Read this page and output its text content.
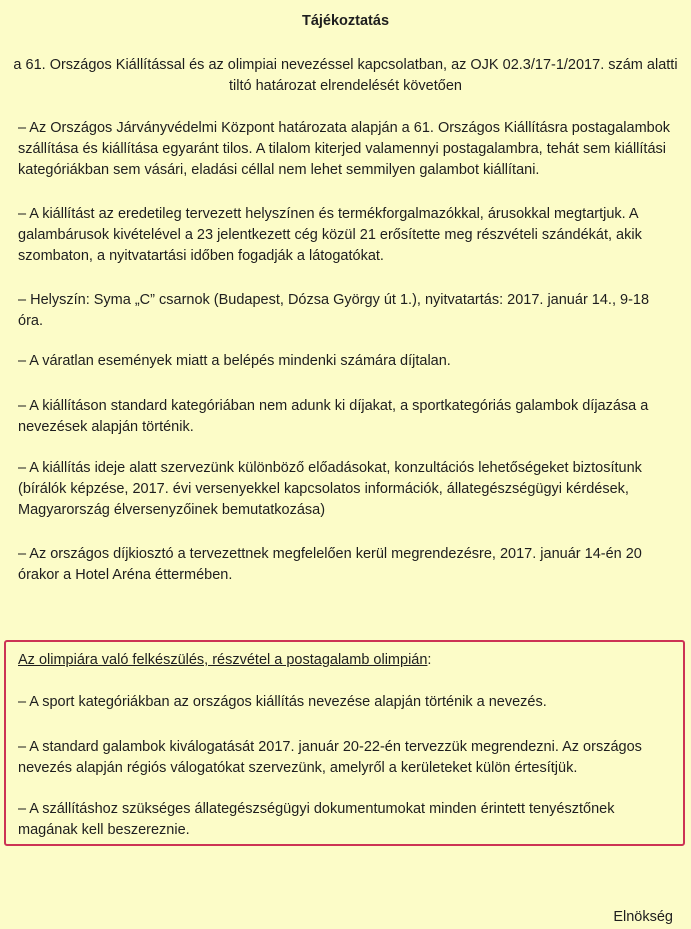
Tájékoztatás
a 61. Országos Kiállítással és az olimpiai nevezéssel kapcsolatban, az OJK 02.3/17-1/2017. szám alatti
tiltó határozat elrendelését követően

– Az Országos Járványvédelmi Központ határozata alapján a 61. Országos Kiállításra postagalambok szállítása és kiállítása egyaránt tilos. A tilalom kiterjed valamennyi postagalambra, tehát sem kiállítási kategóriákban sem vásári, eladási céllal nem lehet semmilyen galambot kiállítani.

– A kiállítást az eredetileg tervezett helyszínen és termékforgalmazókkal, árusokkal megtartjuk. A galambárusok kivételével a 23 jelentkezett cég közül 21 erősítette meg részvételi szándékát, akik szombaton, a nyitvatartási időben fogadják a látogatókat.

– Helyszín: Syma „C” csarnok (Budapest, Dózsa György út 1.), nyitvatartás: 2017. január 14., 9-18 óra.

– A váratlan események miatt a belépés mindenki számára díjtalan.

– A kiállításon standard kategóriában nem adunk ki díjakat, a sportkategóriás galambok díjazása a nevezések alapján történik.

– A kiállítás ideje alatt szervezünk különböző előadásokat, konzultációs lehetőségeket biztosítunk (bírálók képzése, 2017. évi versenyekkel kapcsolatos információk, állategészségügyi kérdések, Magyarország élversenyzőinek bemutatkozása)

– Az országos díjkiosztó a tervezettnek megfelelően kerül megrendezésre, 2017. január 14-én 20 órakor a Hotel Aréna éttermében.

Az olimpiára való felkészülés, részvétel a postagalamb olimpián:

– A sport kategóriákban az országos kiállítás nevezése alapján történik a nevezés.

– A standard galambok kiválogatását 2017. január 20-22-én tervezzük megrendezni. Az országos nevezés alapján régiós válogatókat szervezünk, amelyről a kerületeket külön értesítjük.

– A szállításhoz szükséges állategészségügyi dokumentumokat minden érintett tenyésztőnek magának kell beszereznie.

Elnökség
